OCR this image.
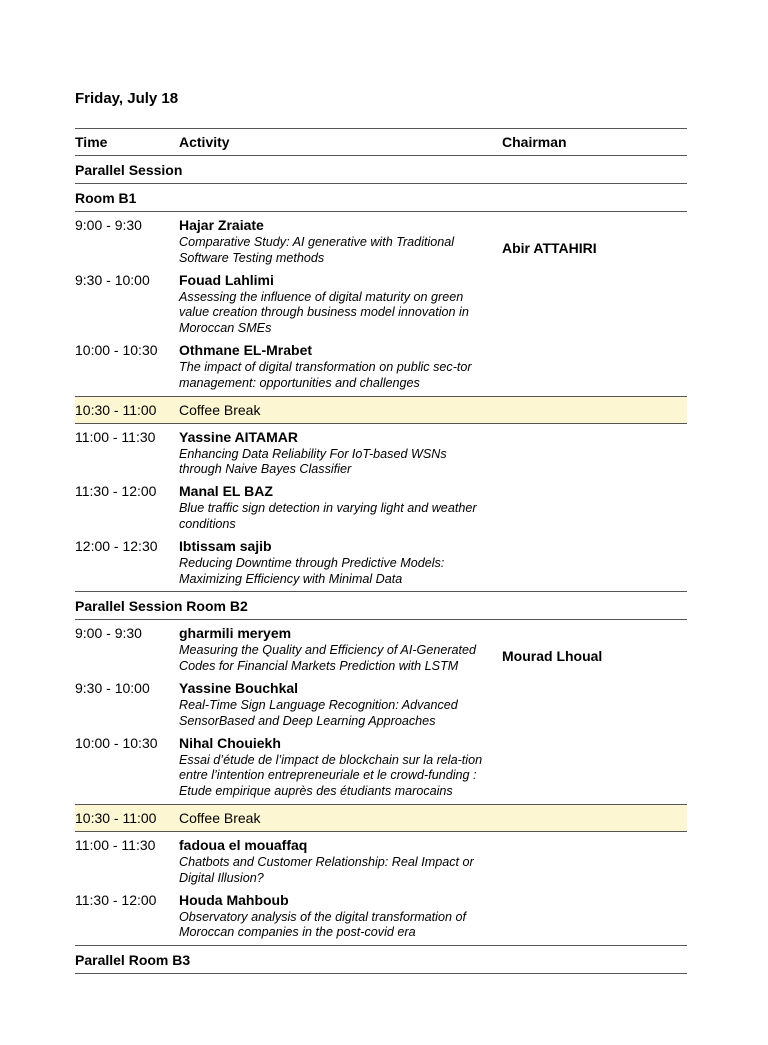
Friday, July 18
Time	Activity	Chairman
Parallel Session		
Room B1		
9:00 - 9:30	Hajar Zraiate
Comparative Study: AI generative with Traditional Software Testing methods	Abir ATTAHIRI

9:30 - 10:00	Fouad Lahlimi
Assessing the influence of digital maturity on green value creation through business model innovation in Moroccan SMEs	

10:00 - 10:30	Othmane EL-Mrabet
The impact of digital transformation on public sec-tor management: opportunities and challenges	

10:30 - 11:00	Coffee Break	
11:00 - 11:30	Yassine AITAMAR
Enhancing Data Reliability For IoT-based WSNs through Naive Bayes Classifier	

11:30 - 12:00	Manal EL BAZ
Blue traffic sign detection in varying light and weather conditions	

12:00 - 12:30	Ibtissam sajib
Reducing Downtime through Predictive Models: Maximizing Efficiency with Minimal Data	

Parallel Session Room B2		
9:00 - 9:30	gharmili meryem
Measuring the Quality and Efficiency of AI-Generated Codes for Financial Markets Prediction with LSTM	Mourad Lhoual

9:30 - 10:00	Yassine Bouchkal
Real-Time Sign Language Recognition: Advanced SensorBased and Deep Learning Approaches	

10:00 - 10:30	Nihal Chouiekh
Essai d’étude de l’impact de blockchain sur la rela-tion entre l’intention entrepreneuriale et le crowd-funding : Etude empirique auprès des étudiants marocains	

10:30 - 11:00	Coffee Break	
11:00 - 11:30	fadoua el mouaffaq
Chatbots and Customer Relationship: Real Impact or Digital Illusion?	

11:30 - 12:00	Houda Mahboub
Observatory analysis of the digital transformation of Moroccan companies in the post-covid era	

Parallel Room B3		
